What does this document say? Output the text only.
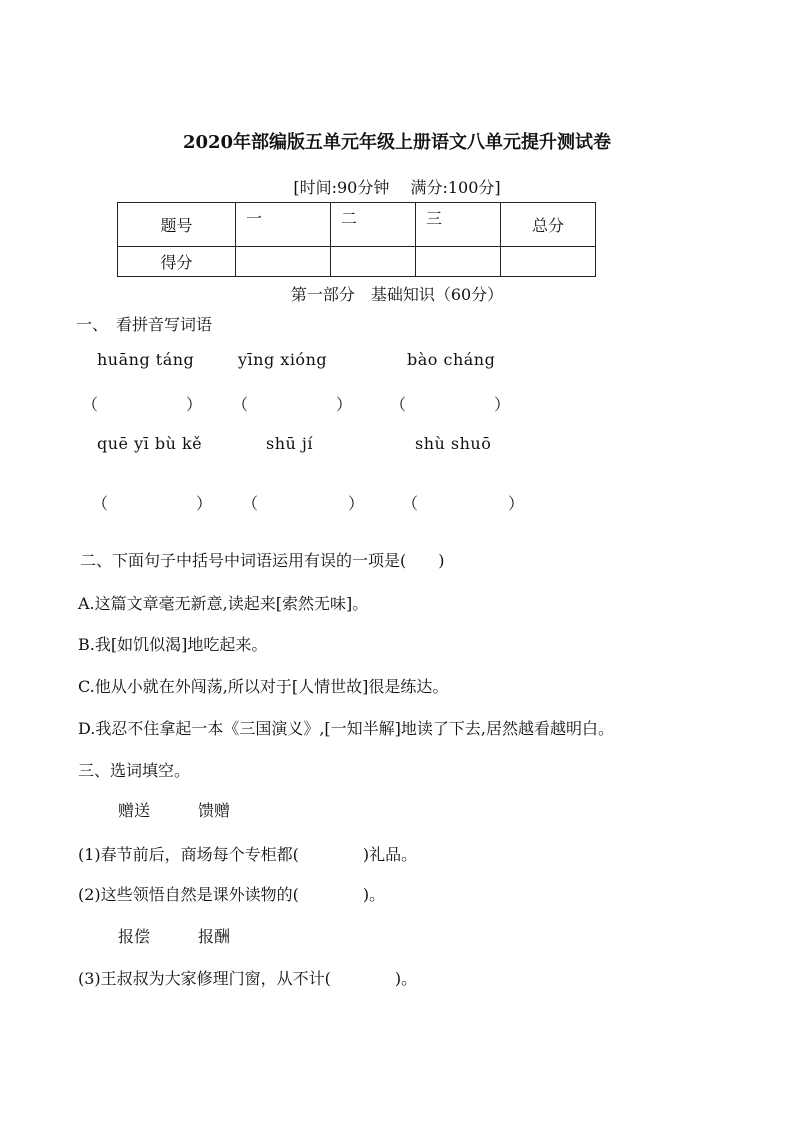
2020年部编版五单元年级上册语文八单元提升测试卷
[时间:90分钟　 满分:100分]
题号	一	二	三	总分
得分				
第一部分　基础知识（60分）
一、　看拼音写词语
huāng táng	yīng xióng	bào cháng
（	） （	） （	）
quē yī bù kě	shū jí	shù shuō
（	） （	） （	）
二、下面句子中括号中词语运用有误的一项是(　　)
A.这篇文章毫无新意,读起来[索然无味]。
B.我[如饥似渴]地吃起来。
C.他从小就在外闯荡,所以对于[人情世故]很是练达。
D.我忍不住拿起一本《三国演义》,[一知半解]地读了下去,居然越看越明白。
三、选词填空。
赠送　　　馈赠
(1)春节前后，商场每个专柜都(　　　　)礼品。
(2)这些领悟自然是课外读物的(　　　　)。
报偿　　　报酬
(3)王叔叔为大家修理门窗，从不计(　　　　)。
